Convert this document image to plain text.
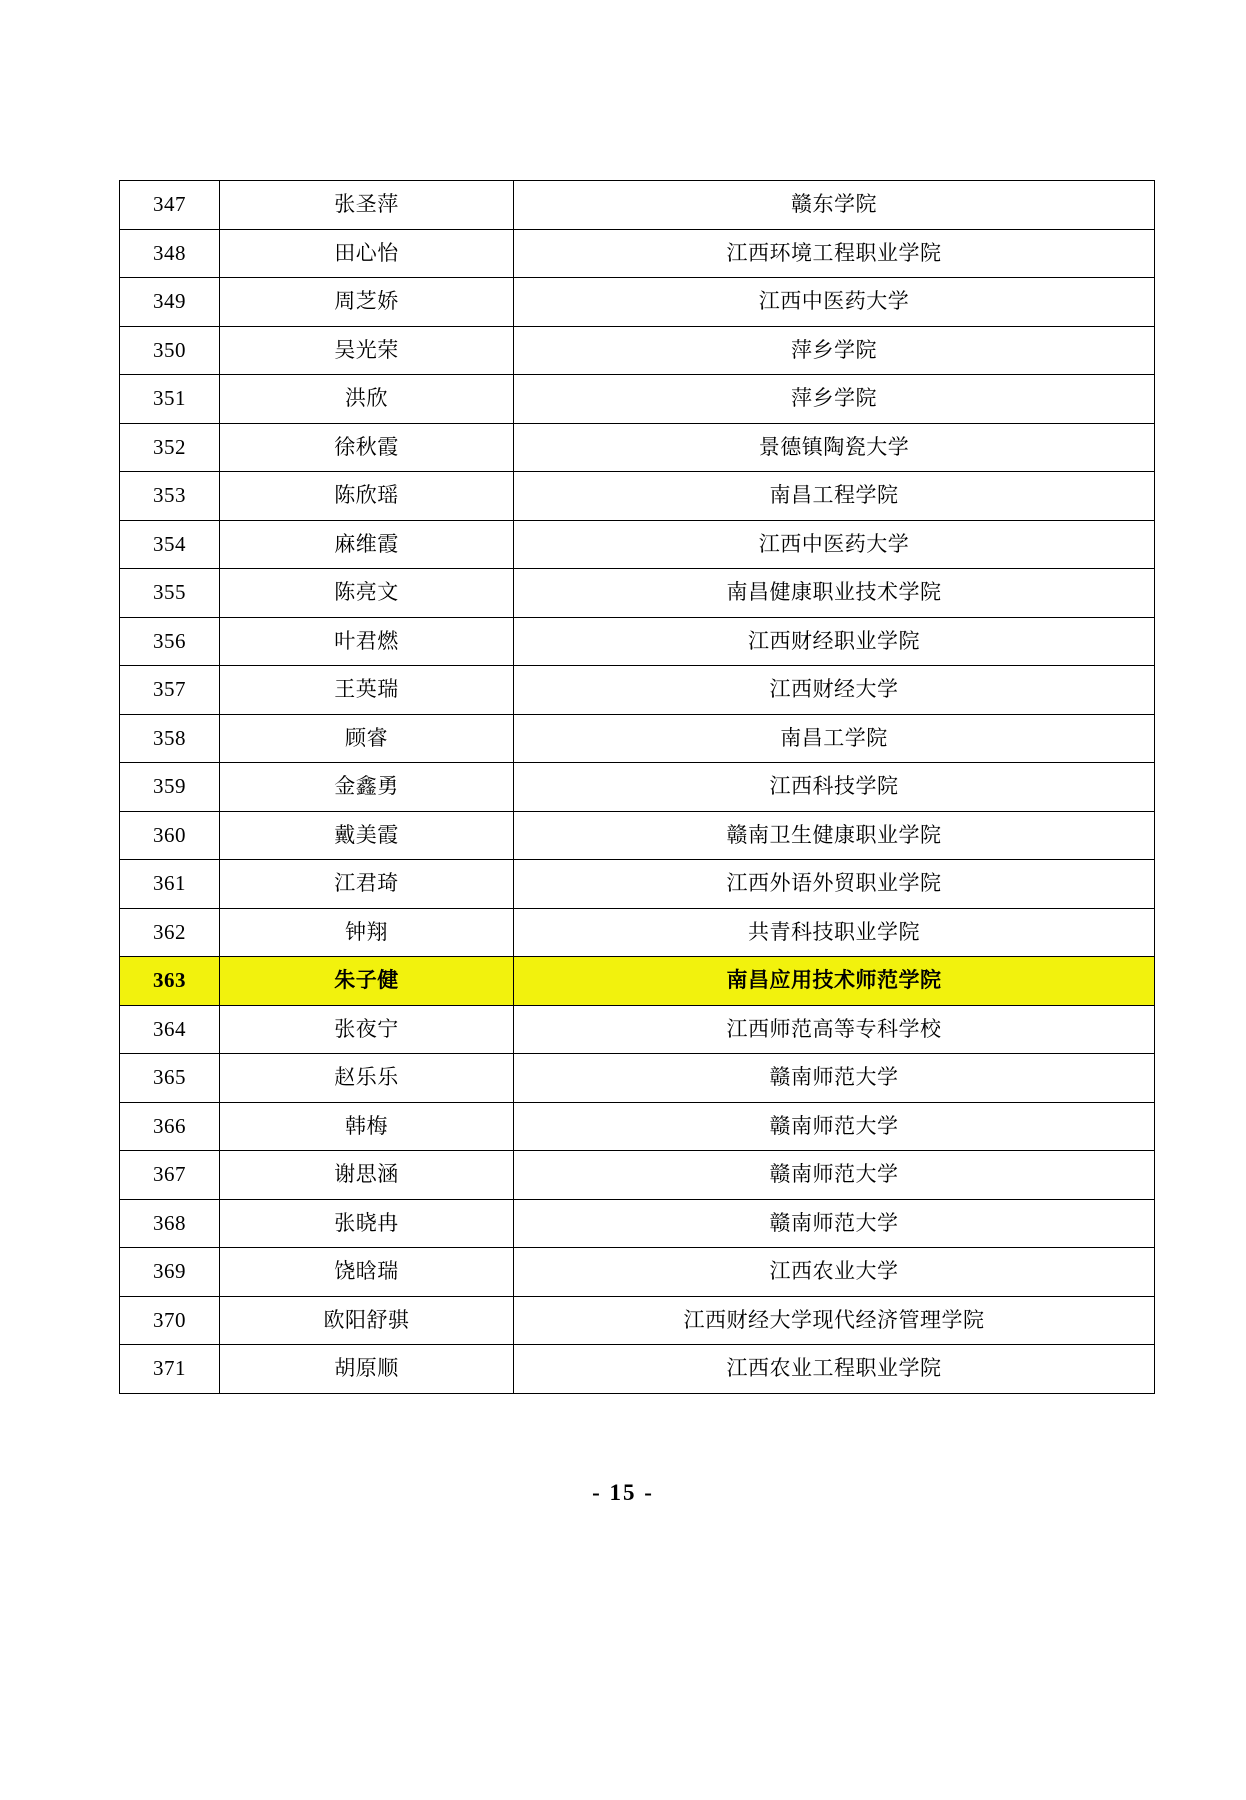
347	张圣萍	赣东学院
348	田心怡	江西环境工程职业学院
349	周芝娇	江西中医药大学
350	吴光荣	萍乡学院
351	洪欣	萍乡学院
352	徐秋霞	景德镇陶瓷大学
353	陈欣瑶	南昌工程学院
354	麻维霞	江西中医药大学
355	陈亮文	南昌健康职业技术学院
356	叶君燃	江西财经职业学院
357	王英瑞	江西财经大学
358	顾睿	南昌工学院
359	金鑫勇	江西科技学院
360	戴美霞	赣南卫生健康职业学院
361	江君琦	江西外语外贸职业学院
362	钟翔	共青科技职业学院
363	朱子健	南昌应用技术师范学院
364	张夜宁	江西师范高等专科学校
365	赵乐乐	赣南师范大学
366	韩梅	赣南师范大学
367	谢思涵	赣南师范大学
368	张晓冉	赣南师范大学
369	饶晗瑞	江西农业大学
370	欧阳舒骐	江西财经大学现代经济管理学院
371	胡原顺	江西农业工程职业学院
- 15 -
